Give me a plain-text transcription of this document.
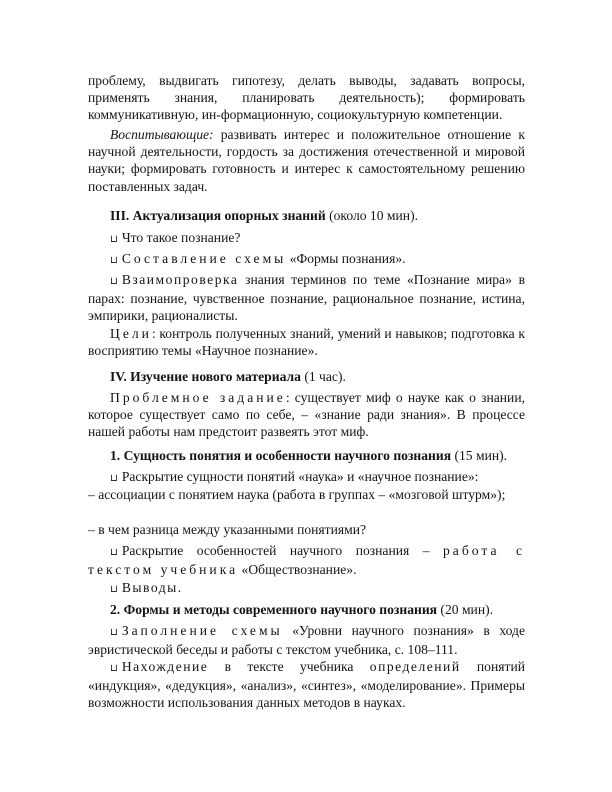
проблему, выдвигать гипотезу, делать выводы, задавать вопросы, применять знания, планировать деятельность); формировать коммуникативную, ин-формационную, социокультурную компетенции.

Воспитывающие: развивать интерес и положительное отношение к научной деятельности, гордость за достижения отечественной и мировой науки; формировать готовность и интерес к самостоятельному решению поставленных задач.

III. Актуализация опорных знаний (около 10 мин).

⊔ Что такое познание?

⊔ Составление схемы «Формы познания».

⊔ Взаимопроверка знания терминов по теме «Познание мира» в парах: познание, чувственное познание, рациональное познание, истина, эмпирики, рационалисты.

Цели: контроль полученных знаний, умений и навыков; подготовка к восприятию темы «Научное познание».

IV. Изучение нового материала (1 час).

Проблемное задание: существует миф о науке как о знании, которое существует само по себе, – «знание ради знания». В процессе нашей работы нам предстоит развеять этот миф.

1. Сущность понятия и особенности научного познания (15 мин).

⊔ Раскрытие сущности понятий «наука» и «научное познание»:

– ассоциации с понятием наука (работа в группах – «мозговой штурм»);

– в чем разница между указанными понятиями?

⊔ Раскрытие особенностей научного познания – работа с текстом учебника «Обществознание».

⊔ Выводы.

2. Формы и методы современного научного познания (20 мин).

⊔ Заполнение схемы «Уровни научного познания» в ходе эвристической беседы и работы с текстом учебника, с. 108–111.

⊔ Нахождение в тексте учебника определений понятий «индукция», «дедукция», «анализ», «синтез», «моделирование». Примеры возможности использования данных методов в науках.
